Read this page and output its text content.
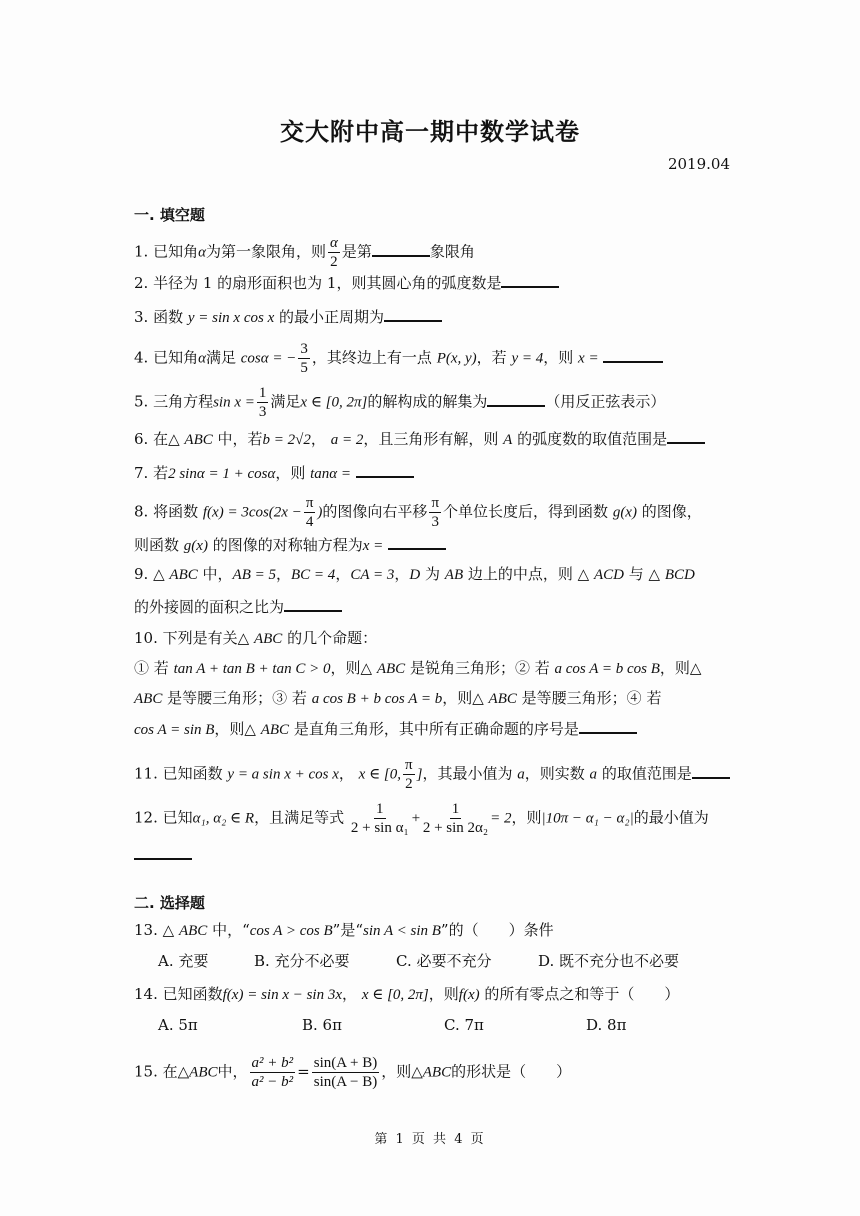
交大附中高一期中数学试卷
2019.04
一. 填空题
1. 已知角α为第一象限角，则 $\frac{\alpha}{2}$ 是第	象限角
2. 半径为 1 的扇形面积也为 1，则其圆心角的弧度数是
3. 函数 y = sin x cos x 的最小正周期为
4. 已知角α满足 cosα = − $\frac{3}{5}$ ，其终边上有一点 P(x, y)，若 y = 4，则 x =
5. 三角方程$\sin x = \frac{1}{3}$ 满足x ∈ [0, 2π]的解构成的解集为	（用反正弦表示）
6. 在△ ABC 中，若b = 2√2， a = 2，且三角形有解，则 A 的弧度数的取值范围是
7. 若2 sinα = 1 + cosα，则 tanα =
8. 将函数 $f(x) = 3\cos(2x - \frac{\pi}{4}$ )的图像向右平移 $\frac{\pi}{3}$ 个单位长度后，得到函数 g(x) 的图像，
则函数 g(x) 的图像的对称轴方程为x =
9. △ ABC 中，AB = 5，BC = 4，CA = 3，D 为 AB 边上的中点，则 △ ACD 与 △ BCD
的外接圆的面积之比为
10. 下列是有关△ ABC 的几个命题：
① 若 tan A + tan B + tan C > 0，则△ ABC 是锐角三角形；② 若 a cos A = b cos B，则△
ABC 是等腰三角形；③ 若 a cos B + b cos A = b，则△ ABC 是等腰三角形；④ 若
cos A = sin B，则△ ABC 是直角三角形，其中所有正确命题的序号是
11. 已知函数 y = a sin x + cos x， x ∈ [0, $\frac{\pi}{2}$ ]，其最小值为 a，则实数 a 的取值范围是
12. 已知α₁, α₂ ∈ R，且满足等式 $\frac{1}{\text{2 + sin α₁}} + \frac{1}{\text{2 + sin 2α₂}} = 2$，则|10π − α₁ − α₂|的最小值为
二. 选择题
13. △ ABC 中，“cos A > cos B”是“sin A < sin B”的（　　）条件
A. 充要	B. 充分不必要	C. 必要不充分	D. 既不充分也不必要
14. 已知函数f(x) = sin x − sin 3x， x ∈ [0, 2π]，则f(x) 的所有零点之和等于（　　）
A. 5π	B. 6π	C. 7π	D. 8π
15. 在△ABC中， $\frac{\text{a² + b²}}{\text{a² − b²}} = \frac{\sin(A + B)}{\sin(A - B)}$ ，则△ABC的形状是（　　）
第 1 页 共 4 页
